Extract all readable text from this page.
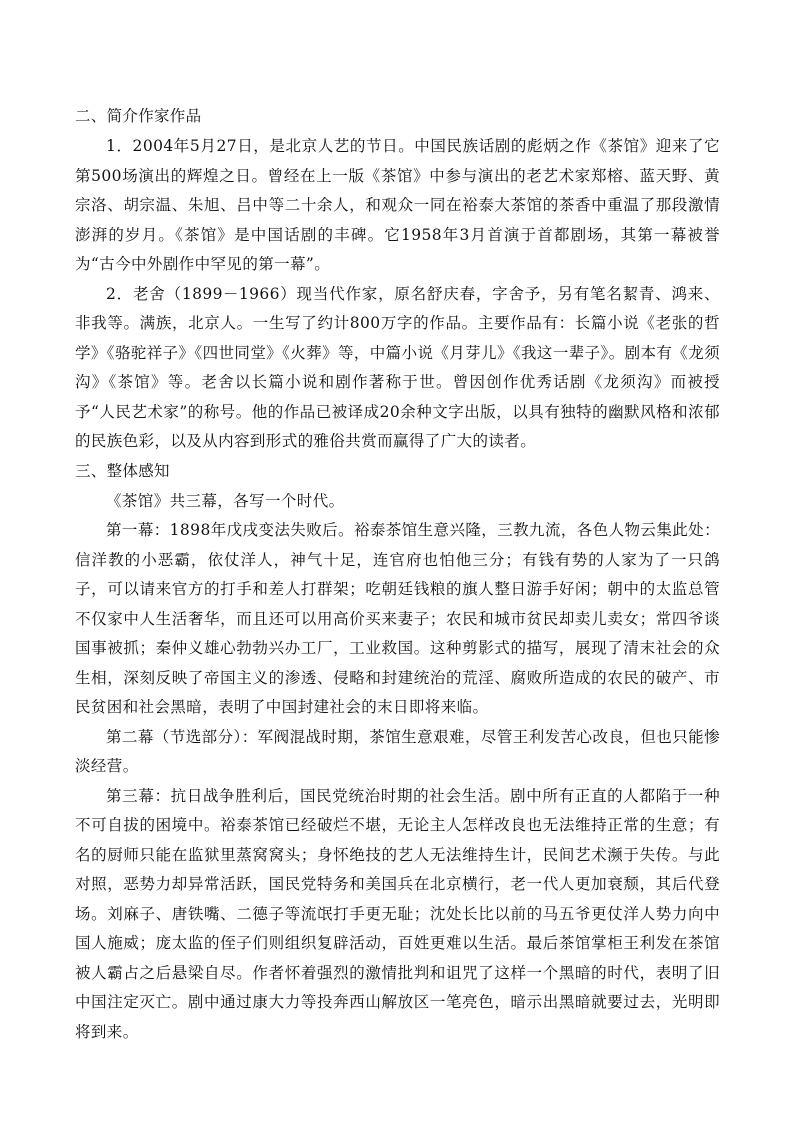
二、简介作家作品

1．2004年5月27日，是北京人艺的节日。中国民族话剧的彪炳之作《茶馆》迎来了它第500场演出的辉煌之日。曾经在上一版《茶馆》中参与演出的老艺术家郑榕、蓝天野、黄宗洛、胡宗温、朱旭、吕中等二十余人，和观众一同在裕泰大茶馆的茶香中重温了那段激情澎湃的岁月。《茶馆》是中国话剧的丰碑。它1958年3月首演于首都剧场，其第一幕被誉为“古今中外剧作中罕见的第一幕”。

2．老舍（1899－1966）现当代作家，原名舒庆春，字舍予，另有笔名絜青、鸿来、非我等。满族，北京人。一生写了约计800万字的作品。主要作品有：长篇小说《老张的哲学》《骆驼祥子》《四世同堂》《火葬》等，中篇小说《月芽儿》《我这一辈子》。剧本有《龙须沟》《茶馆》等。老舍以长篇小说和剧作著称于世。曾因创作优秀话剧《龙须沟》而被授予“人民艺术家”的称号。他的作品已被译成20余种文字出版，以具有独特的幽默风格和浓郁的民族色彩，以及从内容到形式的雅俗共赏而赢得了广大的读者。

三、整体感知

《茶馆》共三幕，各写一个时代。

第一幕：1898年戊戌变法失败后。裕泰茶馆生意兴隆，三教九流，各色人物云集此处：信洋教的小恶霸，依仗洋人，神气十足，连官府也怕他三分；有钱有势的人家为了一只鸽子，可以请来官方的打手和差人打群架；吃朝廷钱粮的旗人整日游手好闲；朝中的太监总管不仅家中人生活奢华，而且还可以用高价买来妻子；农民和城市贫民却卖儿卖女；常四爷谈国事被抓；秦仲义雄心勃勃兴办工厂，工业救国。这种剪影式的描写，展现了清末社会的众生相，深刻反映了帝国主义的渗透、侵略和封建统治的荒淫、腐败所造成的农民的破产、市民贫困和社会黑暗，表明了中国封建社会的末日即将来临。

第二幕（节选部分）：军阀混战时期，茶馆生意艰难，尽管王利发苦心改良，但也只能惨淡经营。

第三幕：抗日战争胜利后，国民党统治时期的社会生活。剧中所有正直的人都陷于一种不可自拔的困境中。裕泰茶馆已经破烂不堪，无论主人怎样改良也无法维持正常的生意；有名的厨师只能在监狱里蒸窝窝头；身怀绝技的艺人无法维持生计，民间艺术濒于失传。与此对照，恶势力却异常活跃，国民党特务和美国兵在北京横行，老一代人更加衰颓，其后代登场。刘麻子、唐铁嘴、二德子等流氓打手更无耻；沈处长比以前的马五爷更仗洋人势力向中国人施威；庞太监的侄子们则组织复辟活动，百姓更难以生活。最后茶馆掌柜王利发在茶馆被人霸占之后悬梁自尽。作者怀着强烈的激情批判和诅咒了这样一个黑暗的时代，表明了旧中国注定灭亡。剧中通过康大力等投奔西山解放区一笔亮色，暗示出黑暗就要过去，光明即将到来。
